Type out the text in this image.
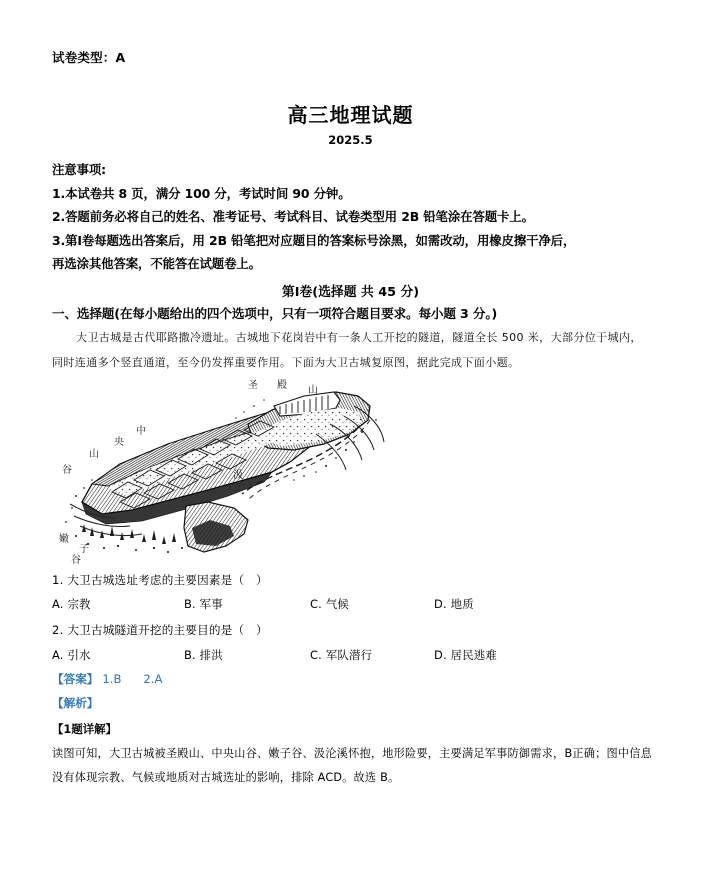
试卷类型：A
高三地理试题
2025.5
注意事项:
1.本试卷共 8 页，满分 100 分，考试时间 90 分钟。
2.答题前务必将自己的姓名、准考证号、考试科目、试卷类型用 2B 铅笔涂在答题卡上。
3.第I卷每题选出答案后，用 2B 铅笔把对应题目的答案标号涂黑，如需改动，用橡皮擦干净后，
再选涂其他答案，不能答在试题卷上。
第I卷(选择题 共 45 分)
一、选择题(在每小题给出的四个选项中，只有一项符合题目要求。每小题 3 分。)
大卫古城是古代耶路撒冷遗址。古城地下花岗岩中有一条人工开挖的隧道，隧道全长 500 米，大部分位于城内，同时连通多个竖直通道，至今仍发挥重要作用。下面为大卫古城复原图，据此完成下面小题。
圣 殿 山
中
央
山
谷	汲
嫩
子
谷
1. 大卫古城选址考虑的主要因素是（　）
A. 宗教	B. 军事	C. 气候	D. 地质
2. 大卫古城隧道开挖的主要目的是（　）
A. 引水	B. 排洪	C. 军队潜行	D. 居民逃难
【答案】 1.B 2.A
【解析】
【1题详解】
读图可知，大卫古城被圣殿山、中央山谷、嫩子谷、汲沦溪怀抱，地形险要，主要满足军事防御需求，B正确；图中信息没有体现宗教、气候或地质对古城选址的影响，排除 ACD。故选 B。
